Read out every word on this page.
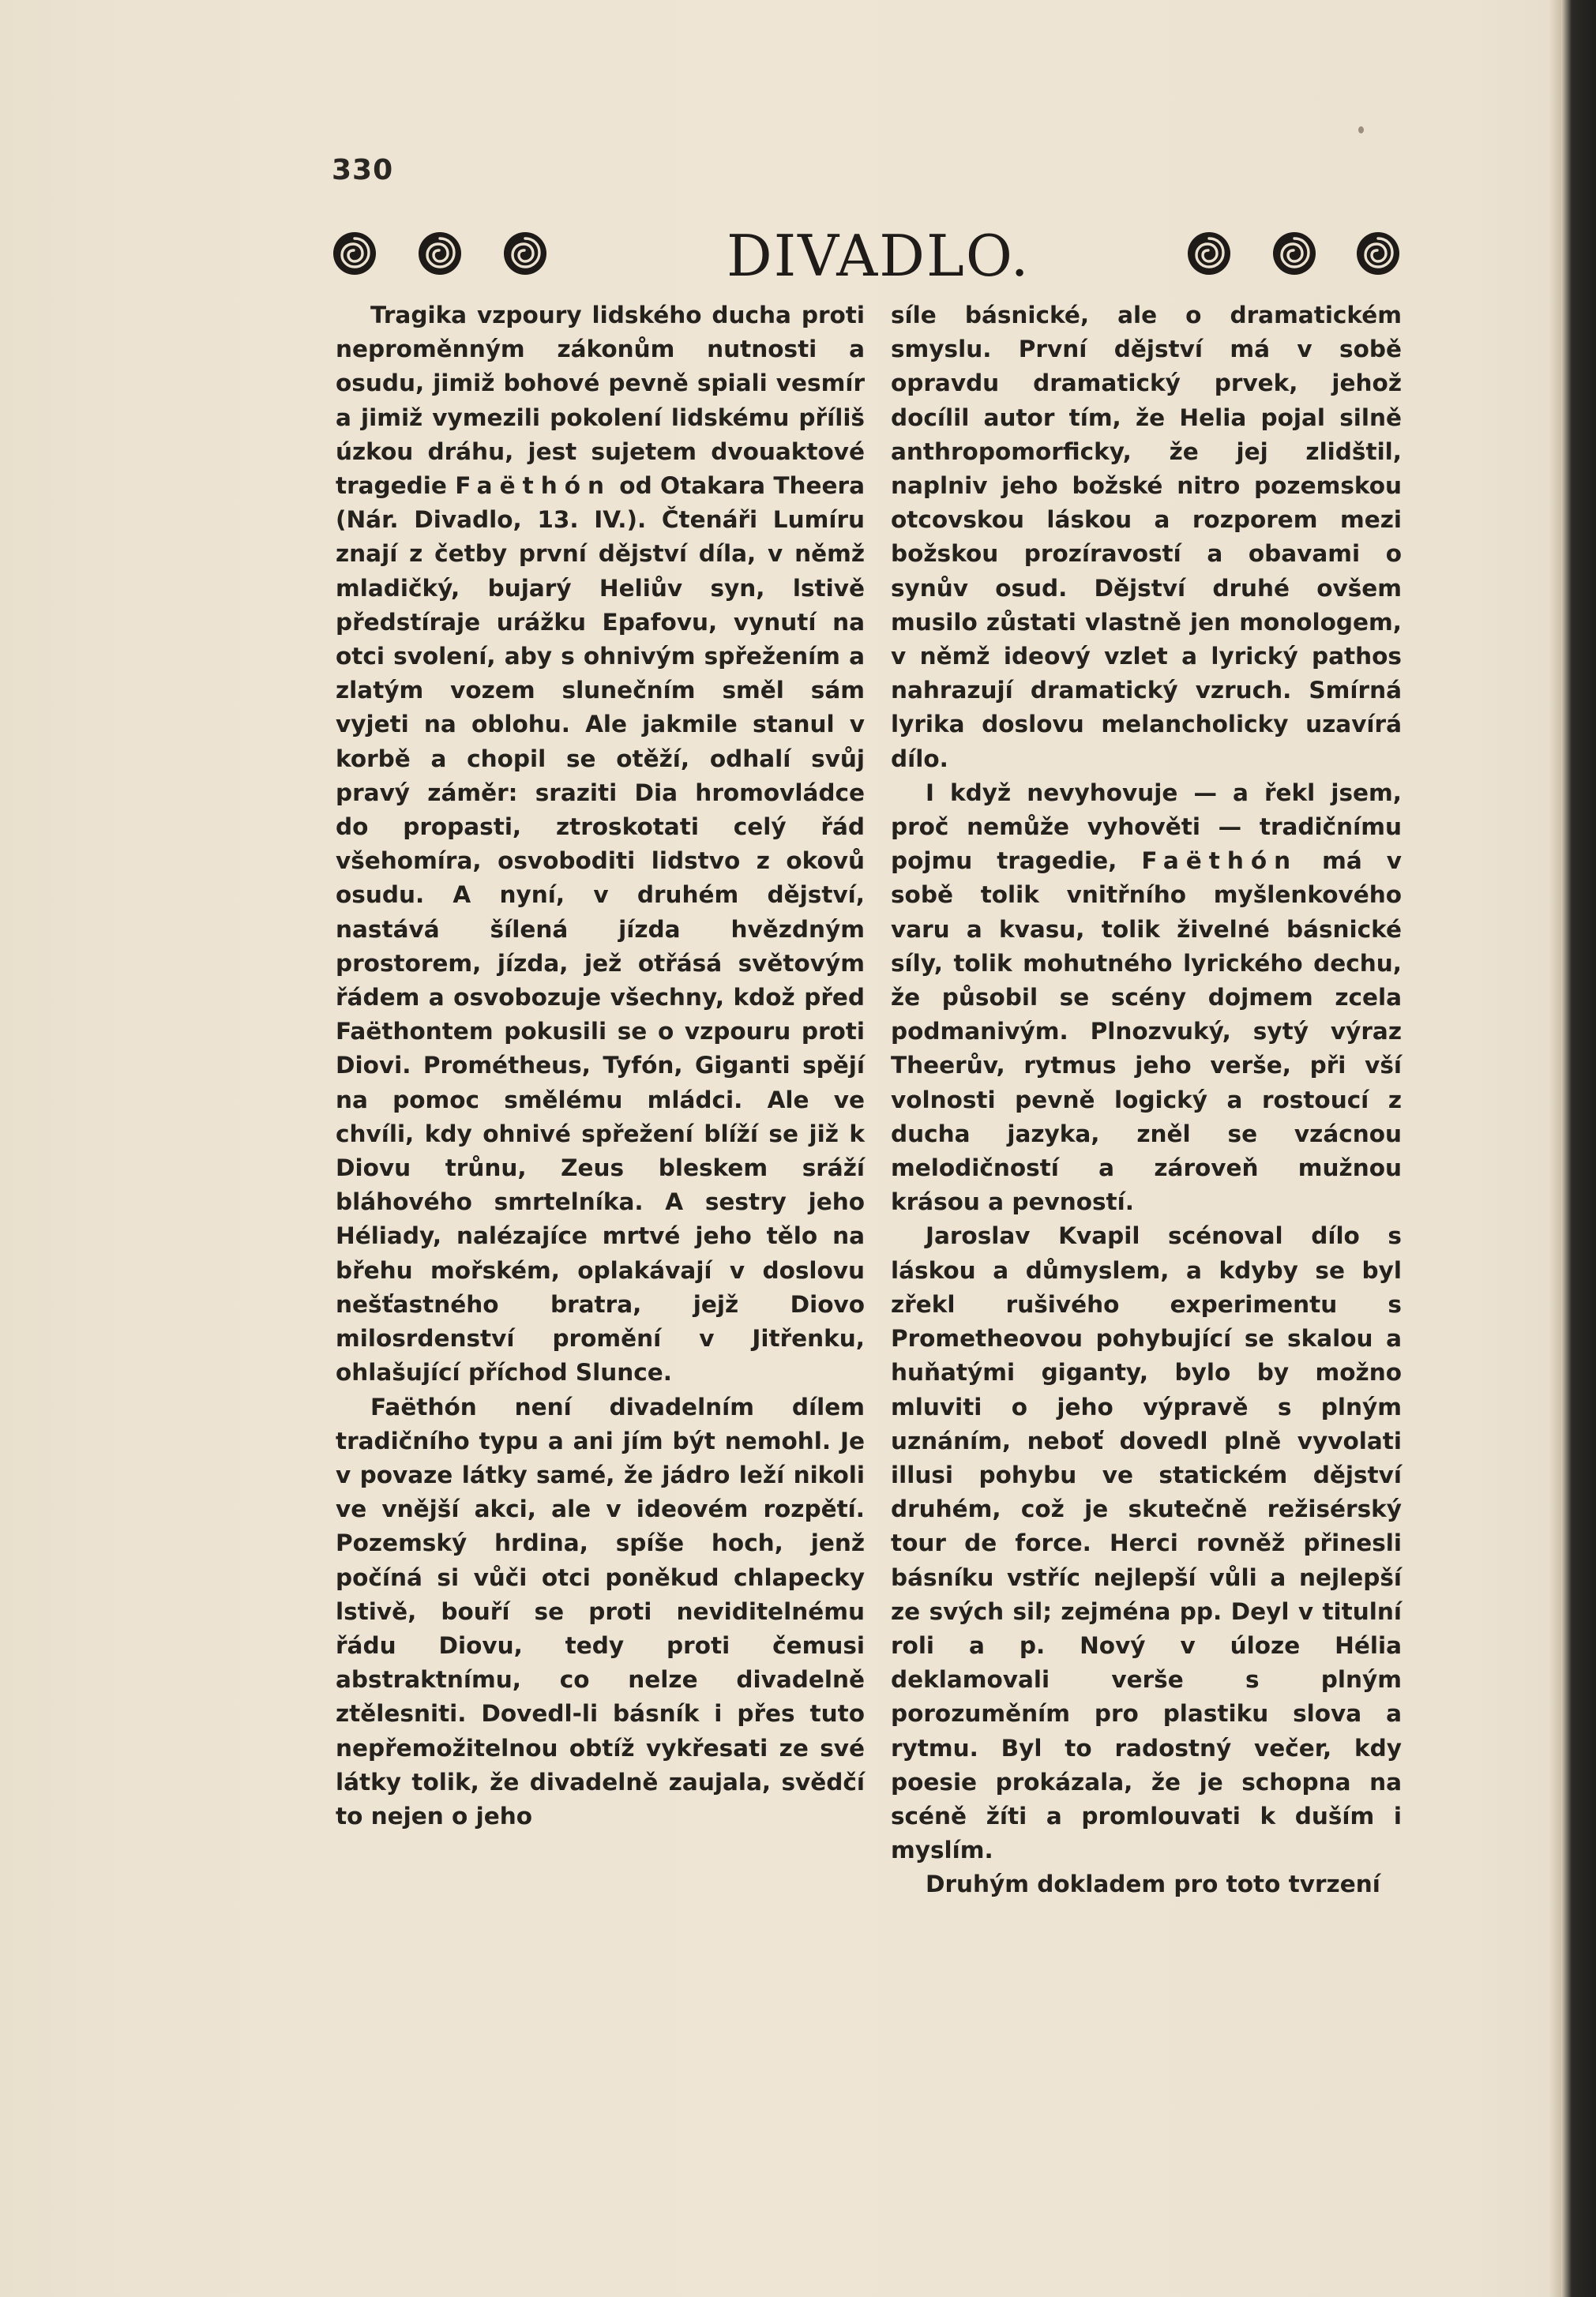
330
DIVADLO.

Tragika vzpoury lidského ducha proti neproměnným zákonům nutnosti a osudu, jimiž bohové pevně spiali vesmír a jimiž vymezili pokolení lidskému příliš úzkou dráhu, jest sujetem dvouaktové tragedie Faëthón od Otakara Theera (Nár. Divadlo, 13. IV.). Čtenáři Lumíru znají z četby první dějství díla, v němž mladičký, bujarý Heliův syn, lstivě předstíraje urážku Epafovu, vynutí na otci svolení, aby s ohnivým spřežením a zlatým vozem slunečním směl sám vyjeti na oblohu. Ale jakmile stanul v korbě a chopil se otěží, odhalí svůj pravý záměr: sraziti Dia hromovládce do propasti, ztroskotati celý řád všehomíra, osvoboditi lidstvo z okovů osudu. A nyní, v druhém dějství, nastává šílená jízda hvězdným prostorem, jízda, jež otřásá světovým řádem a osvobozuje všechny, kdož před Faëthontem pokusili se o vzpouru proti Diovi. Prométheus, Tyfón, Giganti spějí na pomoc smělému mládci. Ale ve chvíli, kdy ohnivé spřežení blíží se již k Diovu trůnu, Zeus bleskem sráží bláhového smrtelníka. A sestry jeho Héliady, nalézajíce mrtvé jeho tělo na břehu mořském, oplakávají v doslovu nešťastného bratra, jejž Diovo milosrdenství promění v Jitřenku, ohlašující příchod Slunce.

Faëthón není divadelním dílem tradičního typu a ani jím být nemohl. Je v povaze látky samé, že jádro leží nikoli ve vnější akci, ale v ideovém rozpětí. Pozemský hrdina, spíše hoch, jenž počíná si vůči otci poněkud chlapecky lstivě, bouří se proti neviditelnému řádu Diovu, tedy proti čemusi abstraktnímu, co nelze divadelně ztělesniti. Dovedl-li básník i přes tuto nepřemožitelnou obtíž vykřesati ze své látky tolik, že divadelně zaujala, svědčí to nejen o jeho

síle básnické, ale o dramatickém smyslu. První dějství má v sobě opravdu dramatický prvek, jehož docílil autor tím, že Helia pojal silně anthropomorficky, že jej zlidštil, naplniv jeho božské nitro pozemskou otcovskou láskou a rozporem mezi božskou prozíravostí a obavami o synův osud. Dějství druhé ovšem musilo zůstati vlastně jen monologem, v němž ideový vzlet a lyrický pathos nahrazují dramatický vzruch. Smírná lyrika doslovu melancholicky uzavírá dílo.

I když nevyhovuje — a řekl jsem, proč nemůže vyhověti — tradičnímu pojmu tragedie, Faëthón má v sobě tolik vnitřního myšlenkového varu a kvasu, tolik živelné básnické síly, tolik mohutného lyrického dechu, že působil se scény dojmem zcela podmanivým. Plnozvuký, sytý výraz Theerův, rytmus jeho verše, při vší volnosti pevně logický a rostoucí z ducha jazyka, zněl se vzácnou melodičností a zároveň mužnou krásou a pevností.

Jaroslav Kvapil scénoval dílo s láskou a důmyslem, a kdyby se byl zřekl rušivého experimentu s Prometheovou pohybující se skalou a huňatými giganty, bylo by možno mluviti o jeho výpravě s plným uznáním, neboť dovedl plně vyvolati illusi pohybu ve statickém dějství druhém, což je skutečně režisérský tour de force. Herci rovněž přinesli básníku vstříc nejlepší vůli a nejlepší ze svých sil; zejména pp. Deyl v titulní roli a p. Nový v úloze Hélia deklamovali verše s plným porozuměním pro plastiku slova a rytmu. Byl to radostný večer, kdy poesie prokázala, že je schopna na scéně žíti a promlouvati k duším i myslím.

Druhým dokladem pro toto tvrzení
